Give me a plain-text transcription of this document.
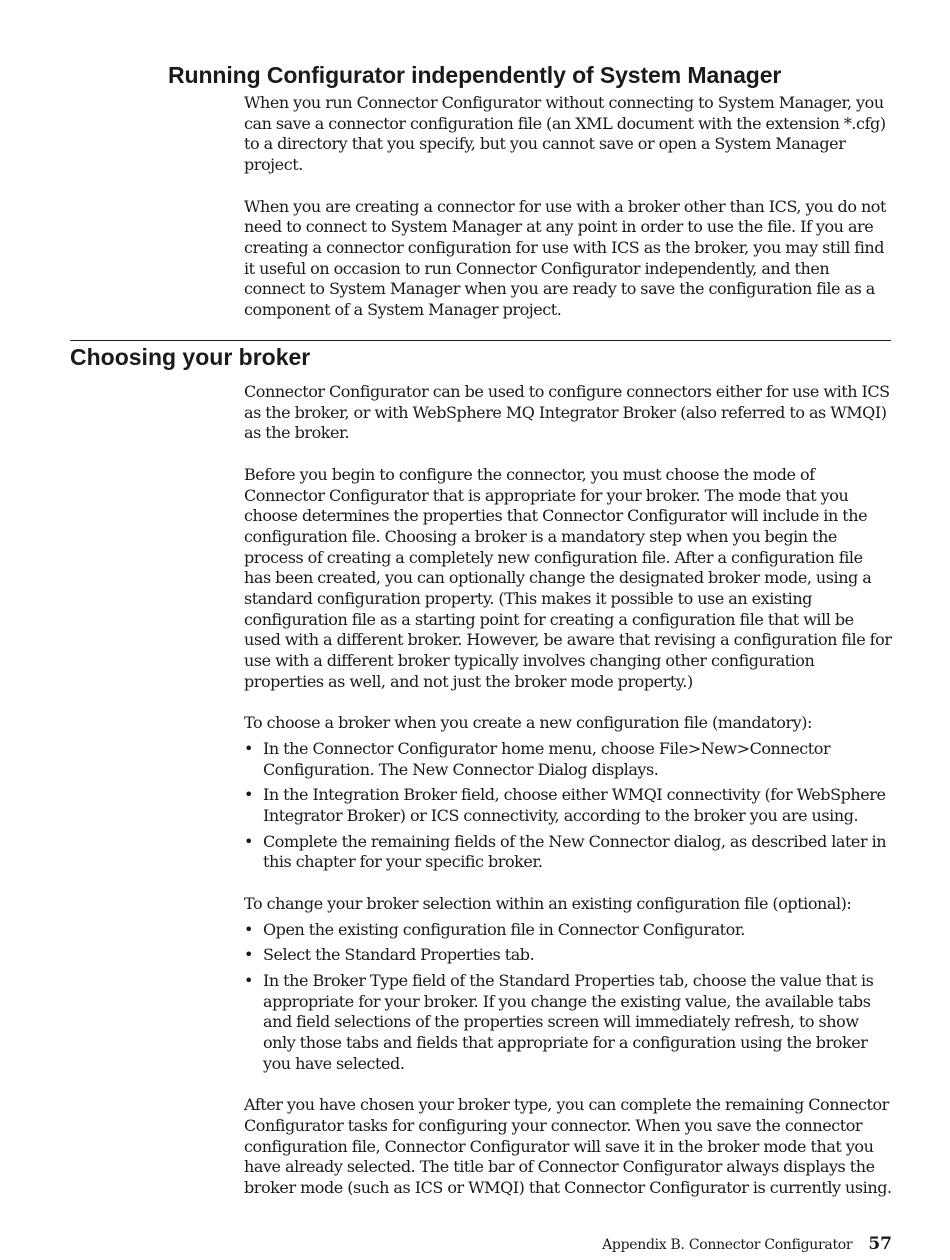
Running Configurator independently of System Manager

When you run Connector Configurator without connecting to System Manager, you can save a connector configuration file (an XML document with the extension *.cfg) to a directory that you specify, but you cannot save or open a System Manager project.

When you are creating a connector for use with a broker other than ICS, you do not need to connect to System Manager at any point in order to use the file. If you are creating a connector configuration for use with ICS as the broker, you may still find it useful on occasion to run Connector Configurator independently, and then connect to System Manager when you are ready to save the configuration file as a component of a System Manager project.

Choosing your broker

Connector Configurator can be used to configure connectors either for use with ICS as the broker, or with WebSphere MQ Integrator Broker (also referred to as WMQI) as the broker.

Before you begin to configure the connector, you must choose the mode of Connector Configurator that is appropriate for your broker. The mode that you choose determines the properties that Connector Configurator will include in the configuration file. Choosing a broker is a mandatory step when you begin the process of creating a completely new configuration file. After a configuration file has been created, you can optionally change the designated broker mode, using a standard configuration property. (This makes it possible to use an existing configuration file as a starting point for creating a configuration file that will be used with a different broker. However, be aware that revising a configuration file for use with a different broker typically involves changing other configuration properties as well, and not just the broker mode property.)

To choose a broker when you create a new configuration file (mandatory):

• In the Connector Configurator home menu, choose File>New>Connector Configuration. The New Connector Dialog displays.
• In the Integration Broker field, choose either WMQI connectivity (for WebSphere Integrator Broker) or ICS connectivity, according to the broker you are using.
• Complete the remaining fields of the New Connector dialog, as described later in this chapter for your specific broker.

To change your broker selection within an existing configuration file (optional):

• Open the existing configuration file in Connector Configurator.
• Select the Standard Properties tab.
• In the Broker Type field of the Standard Properties tab, choose the value that is appropriate for your broker. If you change the existing value, the available tabs and field selections of the properties screen will immediately refresh, to show only those tabs and fields that appropriate for a configuration using the broker you have selected.

After you have chosen your broker type, you can complete the remaining Connector Configurator tasks for configuring your connector. When you save the connector configuration file, Connector Configurator will save it in the broker mode that you have already selected. The title bar of Connector Configurator always displays the broker mode (such as ICS or WMQI) that Connector Configurator is currently using.

Appendix B. Connector Configurator 57
